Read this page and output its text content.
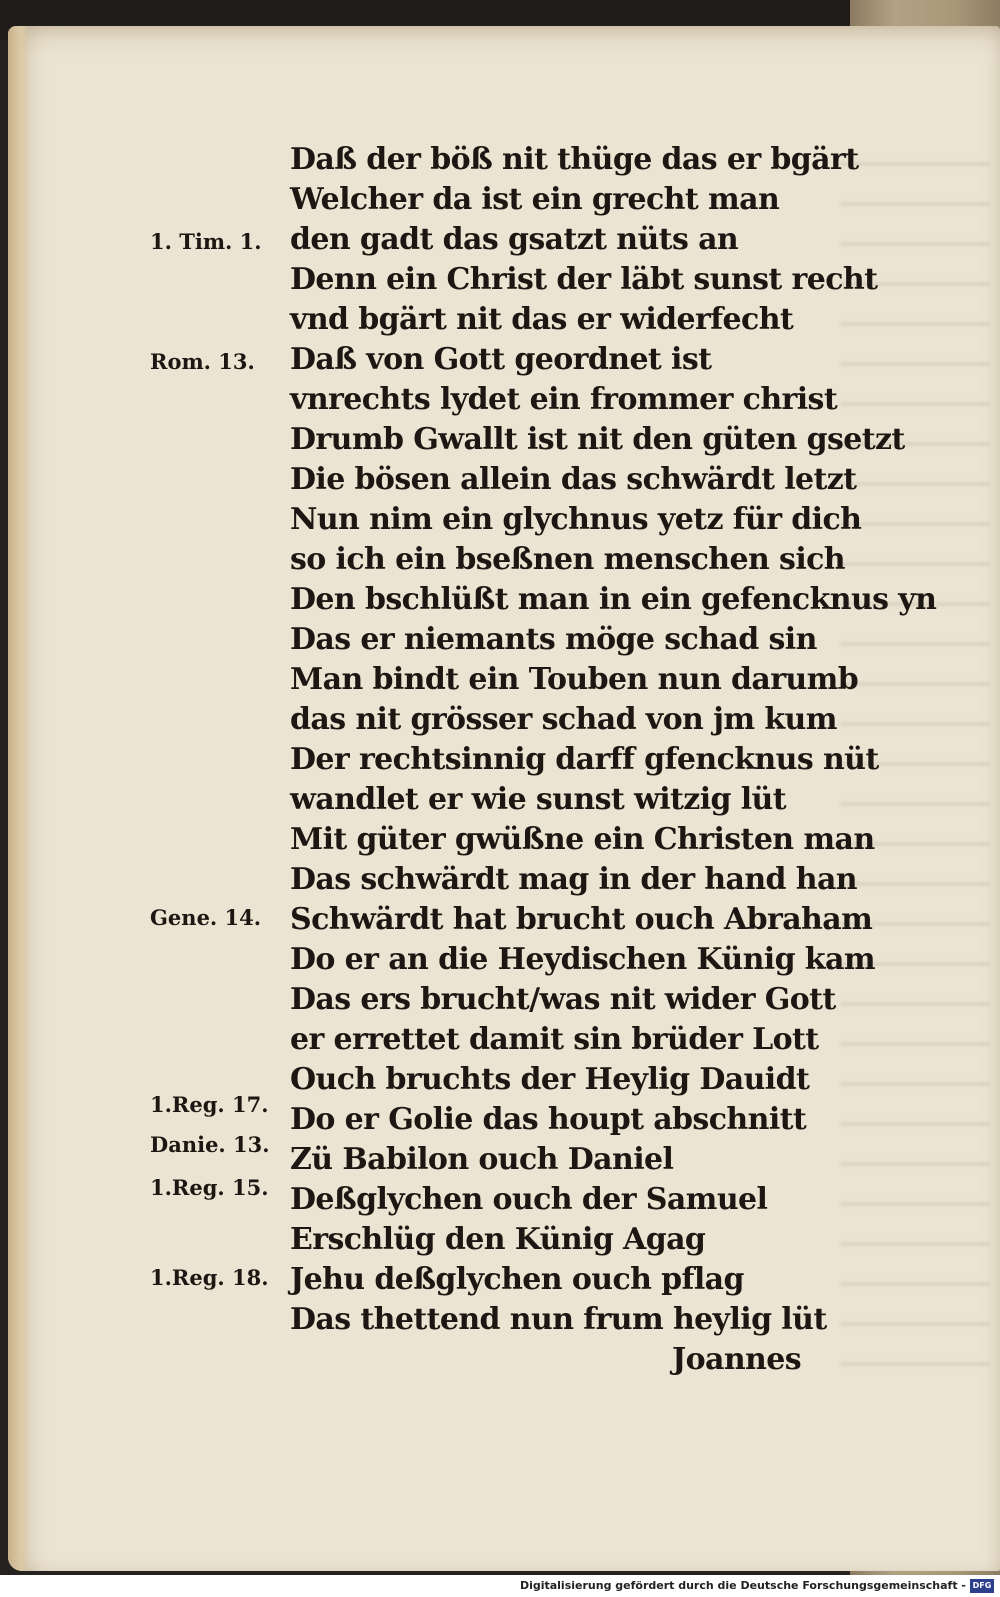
Daß der böß nit thüge das er bgärt
Welcher da ist ein grecht man
den gadt das gsatzt nüts an
Denn ein Christ der läbt sunst recht
vnd bgärt nit das er widerfecht
Daß von Gott geordnet ist
vnrechts lydet ein frommer christ
Drumb Gwallt ist nit den güten gsetzt
Die bösen allein das schwärdt letzt
Nun nim ein glychnus yetz für dich
so ich ein bseßnen menschen sich
Den bschlüßt man in ein gefencknus yn
Das er niemants möge schad sin
Man bindt ein Touben nun darumb
das nit grösser schad von jm kum
Der rechtsinnig darff gfencknus nüt
wandlet er wie sunst witzig lüt
Mit güter gwüßne ein Christen man
Das schwärdt mag in der hand han
Schwärdt hat brucht ouch Abraham
Do er an die Heydischen Künig kam
Das ers brucht/was nit wider Gott
er errettet damit sin brüder Lott
Ouch bruchts der Heylig Dauidt
Do er Golie das houpt abschnitt
Zü Babilon ouch Daniel
Deßglychen ouch der Samuel
Erschlüg den Künig Agag
Jehu deßglychen ouch pflag
Das thettend nun frum heylig lüt
Joannes
1. Tim. 1.
Rom. 13.
Gene. 14.
1.Reg. 17.
Danie. 13.
1.Reg. 15.
1.Reg. 18.
Digitalisierung gefördert durch die Deutsche Forschungsgemeinschaft - DFG
